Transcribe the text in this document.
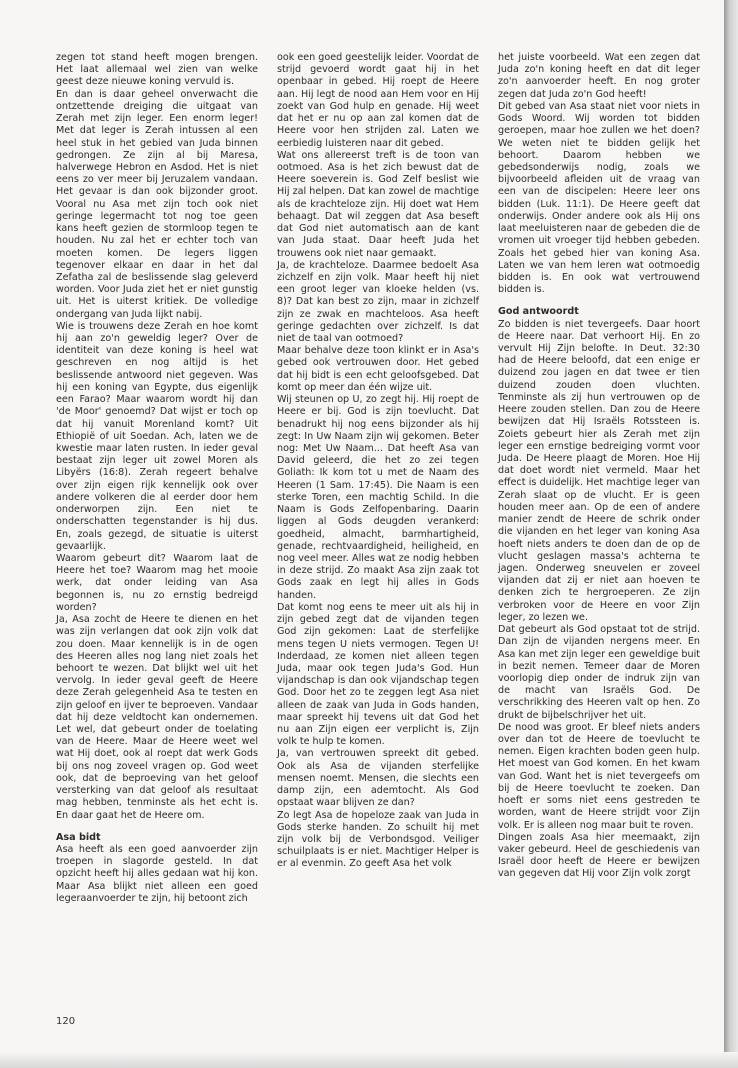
zegen tot stand heeft mogen brengen. Het laat allemaal wel zien van welke geest deze nieuwe koning vervuld is.

En dan is daar geheel onverwacht die ontzettende dreiging die uitgaat van Zerah met zijn leger. Een enorm leger! Met dat leger is Zerah intussen al een heel stuk in het gebied van Juda binnen gedrongen. Ze zijn al bij Maresa, halverwege Hebron en Asdod. Het is niet eens zo ver meer bij Jeruzalem vandaan. Het gevaar is dan ook bijzonder groot. Vooral nu Asa met zijn toch ook niet geringe legermacht tot nog toe geen kans heeft gezien de stormloop tegen te houden. Nu zal het er echter toch van moeten komen. De legers liggen tegenover elkaar en daar in het dal Zefatha zal de beslissende slag geleverd worden. Voor Juda ziet het er niet gunstig uit. Het is uiterst kritiek. De volledige ondergang van Juda lijkt nabij.

Wie is trouwens deze Zerah en hoe komt hij aan zo'n geweldig leger? Over de identiteit van deze koning is heel wat geschreven en nog altijd is het beslissende antwoord niet gegeven. Was hij een koning van Egypte, dus eigenlijk een Farao? Maar waarom wordt hij dan 'de Moor' genoemd? Dat wijst er toch op dat hij vanuit Morenland komt? Uit Ethiopië of uit Soedan. Ach, laten we de kwestie maar laten rusten. In ieder geval bestaat zijn leger uit zowel Moren als Libyërs (16:8). Zerah regeert behalve over zijn eigen rijk kennelijk ook over andere volkeren die al eerder door hem onderworpen zijn. Een niet te onderschatten tegenstander is hij dus. En, zoals gezegd, de situatie is uiterst gevaarlijk.

Waarom gebeurt dit? Waarom laat de Heere het toe? Waarom mag het mooie werk, dat onder leiding van Asa begonnen is, nu zo ernstig bedreigd worden?

Ja, Asa zocht de Heere te dienen en het was zijn verlangen dat ook zijn volk dat zou doen. Maar kennelijk is in de ogen des Heeren alles nog lang niet zoals het behoort te wezen. Dat blijkt wel uit het vervolg. In ieder geval geeft de Heere deze Zerah gelegenheid Asa te testen en zijn geloof en ijver te beproeven. Vandaar dat hij deze veldtocht kan ondernemen. Let wel, dat gebeurt onder de toelating van de Heere. Maar de Heere weet wel wat Hij doet, ook al roept dat werk Gods bij ons nog zoveel vragen op. God weet ook, dat de beproeving van het geloof versterking van dat geloof als resultaat mag hebben, tenminste als het echt is. En daar gaat het de Heere om.

Asa bidt

Asa heeft als een goed aanvoerder zijn troepen in slagorde gesteld. In dat opzicht heeft hij alles gedaan wat hij kon. Maar Asa blijkt niet alleen een goed legeraanvoerder te zijn, hij betoont zich

ook een goed geestelijk leider. Voordat de strijd gevoerd wordt gaat hij in het openbaar in gebed. Hij roept de Heere aan. Hij legt de nood aan Hem voor en Hij zoekt van God hulp en genade. Hij weet dat het er nu op aan zal komen dat de Heere voor hen strijden zal. Laten we eerbiedig luisteren naar dit gebed.

Wat ons allereerst treft is de toon van ootmoed. Asa is het zich bewust dat de Heere soeverein is. God Zelf beslist wie Hij zal helpen. Dat kan zowel de machtige als de krachteloze zijn. Hij doet wat Hem behaagt. Dat wil zeggen dat Asa beseft dat God niet automatisch aan de kant van Juda staat. Daar heeft Juda het trouwens ook niet naar gemaakt.

Ja, de krachteloze. Daarmee bedoelt Asa zichzelf en zijn volk. Maar heeft hij niet een groot leger van kloeke helden (vs. 8)? Dat kan best zo zijn, maar in zichzelf zijn ze zwak en machteloos. Asa heeft geringe gedachten over zichzelf. Is dat niet de taal van ootmoed?

Maar behalve deze toon klinkt er in Asa's gebed ook vertrouwen door. Het gebed dat hij bidt is een echt geloofsgebed. Dat komt op meer dan één wijze uit.

Wij steunen op U, zo zegt hij. Hij roept de Heere er bij. God is zijn toevlucht. Dat benadrukt hij nog eens bijzonder als hij zegt: In Uw Naam zijn wij gekomen. Beter nog: Met Uw Naam... Dat heeft Asa van David geleerd, die het zo zei tegen Goliath: Ik kom tot u met de Naam des Heeren (1 Sam. 17:45). Die Naam is een sterke Toren, een machtig Schild. In die Naam is Gods Zelfopenbaring. Daarin liggen al Gods deugden verankerd: goedheid, almacht, barmhartigheid, genade, rechtvaardigheid, heiligheid, en nog veel meer. Alles wat ze nodig hebben in deze strijd. Zo maakt Asa zijn zaak tot Gods zaak en legt hij alles in Gods handen.

Dat komt nog eens te meer uit als hij in zijn gebed zegt dat de vijanden tegen God zijn gekomen: Laat de sterfelijke mens tegen U niets vermogen. Tegen U! Inderdaad, ze komen niet alleen tegen Juda, maar ook tegen Juda's God. Hun vijandschap is dan ook vijandschap tegen God. Door het zo te zeggen legt Asa niet alleen de zaak van Juda in Gods handen, maar spreekt hij tevens uit dat God het nu aan Zijn eigen eer verplicht is, Zijn volk te hulp te komen.

Ja, van vertrouwen spreekt dit gebed. Ook als Asa de vijanden sterfelijke mensen noemt. Mensen, die slechts een damp zijn, een ademtocht. Als God opstaat waar blijven ze dan?

Zo legt Asa de hopeloze zaak van Juda in Gods sterke handen. Zo schuilt hij met zijn volk bij de Verbondsgod. Veiliger schuilplaats is er niet. Machtiger Helper is er al evenmin. Zo geeft Asa het volk

het juiste voorbeeld. Wat een zegen dat Juda zo'n koning heeft en dat dit leger zo'n aanvoerder heeft. En nog groter zegen dat Juda zo'n God heeft!

Dit gebed van Asa staat niet voor niets in Gods Woord. Wij worden tot bidden geroepen, maar hoe zullen we het doen? We weten niet te bidden gelijk het behoort. Daarom hebben we gebedsonderwijs nodig, zoals we bijvoorbeeld afleiden uit de vraag van een van de discipelen: Heere leer ons bidden (Luk. 11:1). De Heere geeft dat onderwijs. Onder andere ook als Hij ons laat meeluisteren naar de gebeden die de vromen uit vroeger tijd hebben gebeden. Zoals het gebed hier van koning Asa. Laten we van hem leren wat ootmoedig bidden is. En ook wat vertrouwend bidden is.

God antwoordt

Zo bidden is niet tevergeefs. Daar hoort de Heere naar. Dat verhoort Hij. En zo vervult Hij Zijn belofte. In Deut. 32:30 had de Heere beloofd, dat een enige er duizend zou jagen en dat twee er tien duizend zouden doen vluchten. Tenminste als zij hun vertrouwen op de Heere zouden stellen. Dan zou de Heere bewijzen dat Hij Israëls Rotssteen is. Zoiets gebeurt hier als Zerah met zijn leger een ernstige bedreiging vormt voor Juda. De Heere plaagt de Moren. Hoe Hij dat doet wordt niet vermeld. Maar het effect is duidelijk. Het machtige leger van Zerah slaat op de vlucht. Er is geen houden meer aan. Op de een of andere manier zendt de Heere de schrik onder die vijanden en het leger van koning Asa hoeft niets anders te doen dan de op de vlucht geslagen massa's achterna te jagen. Onderweg sneuvelen er zoveel vijanden dat zij er niet aan hoeven te denken zich te hergroeperen. Ze zijn verbroken voor de Heere en voor Zijn leger, zo lezen we.

Dat gebeurt als God opstaat tot de strijd. Dan zijn de vijanden nergens meer. En Asa kan met zijn leger een geweldige buit in bezit nemen. Temeer daar de Moren voorlopig diep onder de indruk zijn van de macht van Israëls God. De verschrikking des Heeren valt op hen. Zo drukt de bijbelschrijver het uit.

De nood was groot. Er bleef niets anders over dan tot de Heere de toevlucht te nemen. Eigen krachten boden geen hulp. Het moest van God komen. En het kwam van God. Want het is niet tevergeefs om bij de Heere toevlucht te zoeken. Dan hoeft er soms niet eens gestreden te worden, want de Heere strijdt voor Zijn volk. Er is alleen nog maar buit te roven.

Dingen zoals Asa hier meemaakt, zijn vaker gebeurd. Heel de geschiedenis van Israël door heeft de Heere er bewijzen van gegeven dat Hij voor Zijn volk zorgt

120
